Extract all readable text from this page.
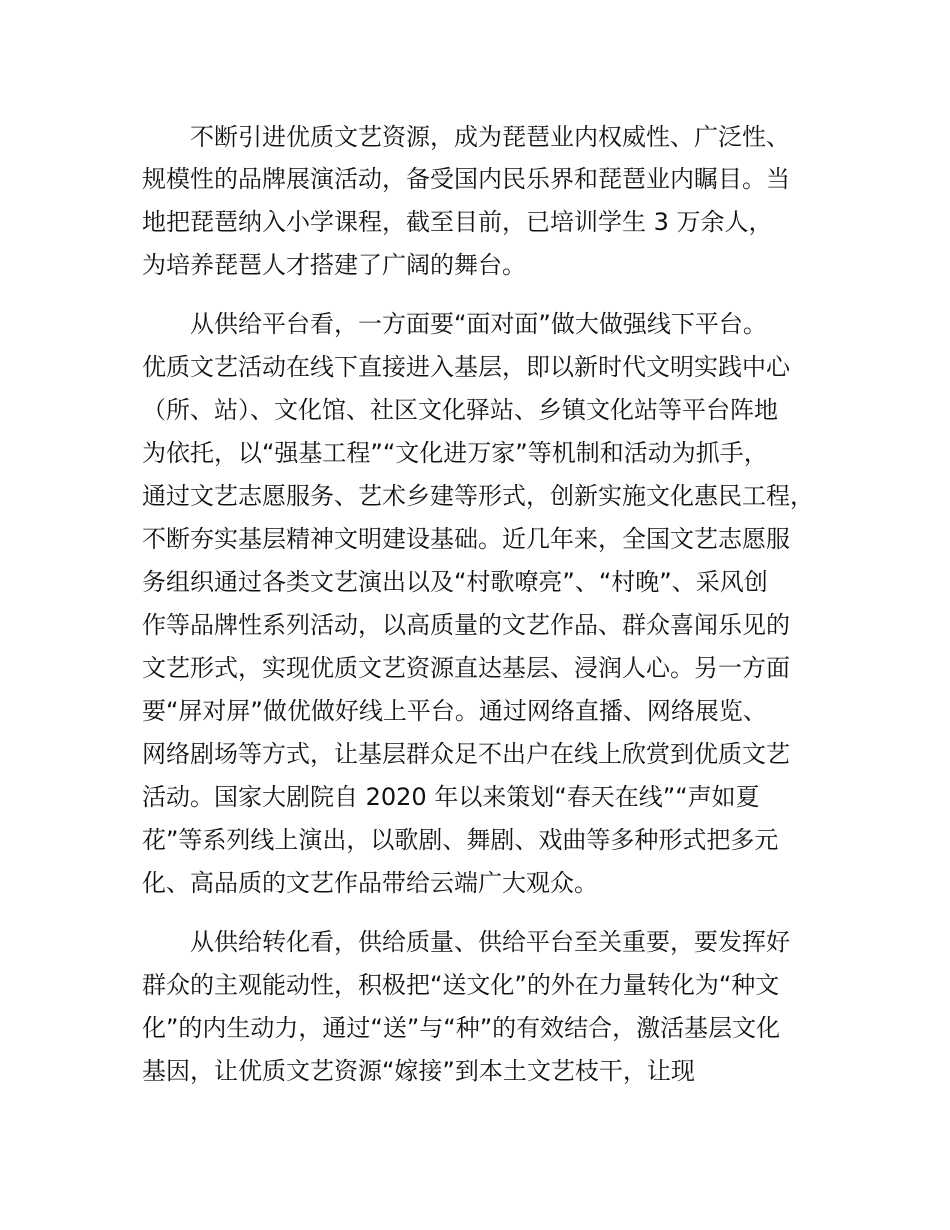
不断引进优质文艺资源，成为琵琶业内权威性、广泛性、
规模性的品牌展演活动，备受国内民乐界和琵琶业内瞩目。当
地把琵琶纳入小学课程，截至目前，已培训学生 3 万余人，
为培养琵琶人才搭建了广阔的舞台。
从供给平台看，一方面要“面对面”做大做强线下平台。
优质文艺活动在线下直接进入基层，即以新时代文明实践中心
（所、站）、文化馆、社区文化驿站、乡镇文化站等平台阵地
为依托，以“强基工程”“文化进万家”等机制和活动为抓手，
通过文艺志愿服务、艺术乡建等形式，创新实施文化惠民工程，
不断夯实基层精神文明建设基础。近几年来，全国文艺志愿服
务组织通过各类文艺演出以及“村歌嘹亮”、“村晚”、采风创
作等品牌性系列活动，以高质量的文艺作品、群众喜闻乐见的
文艺形式，实现优质文艺资源直达基层、浸润人心。另一方面
要“屏对屏”做优做好线上平台。通过网络直播、网络展览、
网络剧场等方式，让基层群众足不出户在线上欣赏到优质文艺
活动。国家大剧院自 2020 年以来策划“春天在线”“声如夏
花”等系列线上演出，以歌剧、舞剧、戏曲等多种形式把多元
化、高品质的文艺作品带给云端广大观众。
从供给转化看，供给质量、供给平台至关重要，要发挥好
群众的主观能动性，积极把“送文化”的外在力量转化为“种文
化”的内生动力，通过“送”与“种”的有效结合，激活基层文化
基因，让优质文艺资源“嫁接”到本土文艺枝干，让现
